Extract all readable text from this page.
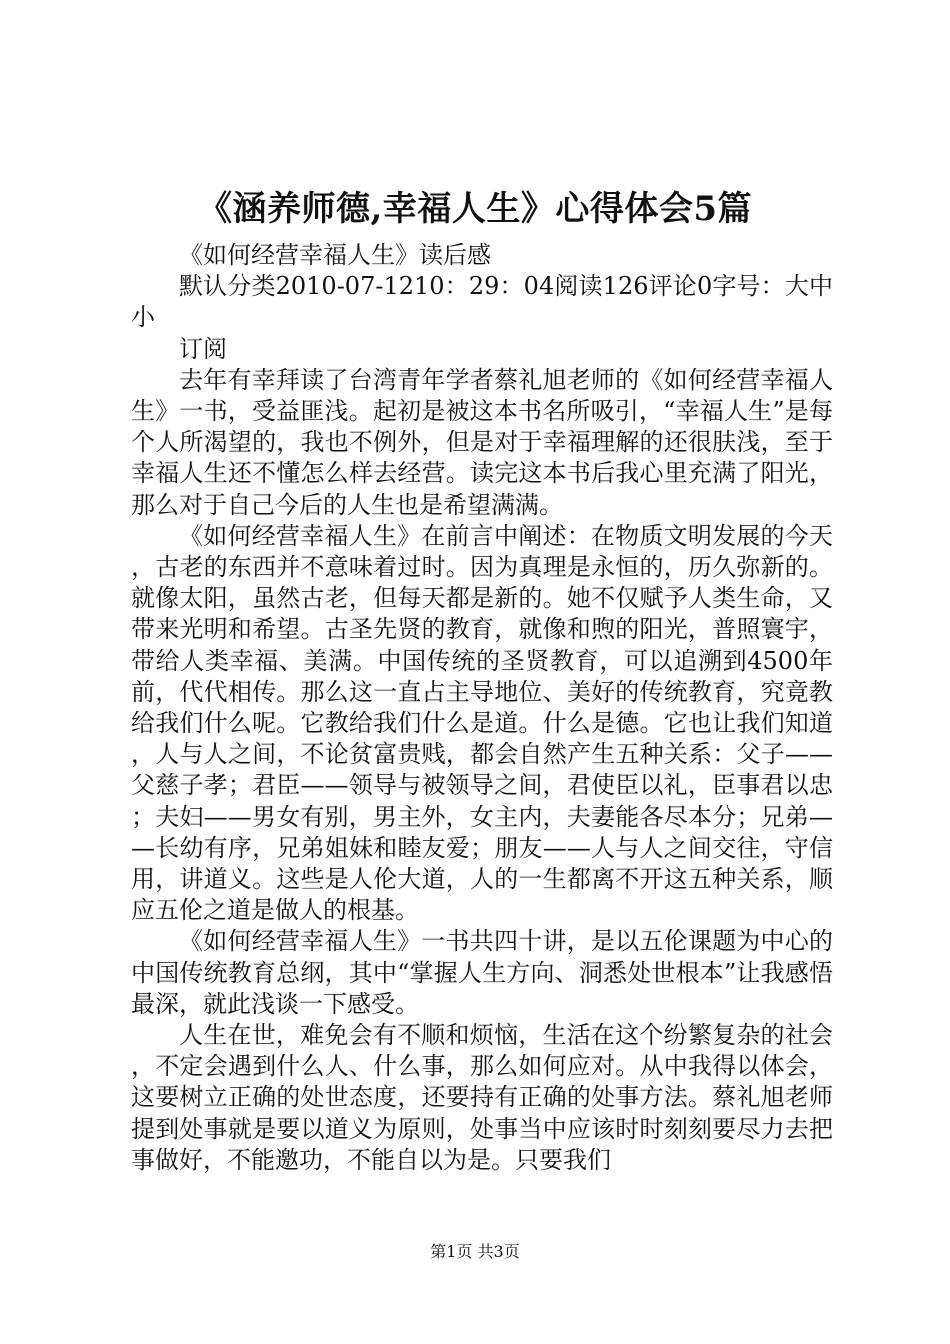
《涵养师德,幸福人生》心得体会5篇

《如何经营幸福人生》读后感

默认分类2010-07-1210：29：04阅读126评论0字号：大中小

订阅

去年有幸拜读了台湾青年学者蔡礼旭老师的《如何经营幸福人生》一书，受益匪浅。起初是被这本书名所吸引，“幸福人生”是每个人所渴望的，我也不例外，但是对于幸福理解的还很肤浅，至于幸福人生还不懂怎么样去经营。读完这本书后我心里充满了阳光，那么对于自己今后的人生也是希望满满。

《如何经营幸福人生》在前言中阐述：在物质文明发展的今天，古老的东西并不意味着过时。因为真理是永恒的，历久弥新的。就像太阳，虽然古老，但每天都是新的。她不仅赋予人类生命，又带来光明和希望。古圣先贤的教育，就像和煦的阳光，普照寰宇，带给人类幸福、美满。中国传统的圣贤教育，可以追溯到4500年前，代代相传。那么这一直占主导地位、美好的传统教育，究竟教给我们什么呢。它教给我们什么是道。什么是德。它也让我们知道，人与人之间，不论贫富贵贱，都会自然产生五种关系：父子——父慈子孝；君臣——领导与被领导之间，君使臣以礼，臣事君以忠；夫妇——男女有别，男主外，女主内，夫妻能各尽本分；兄弟——长幼有序，兄弟姐妹和睦友爱；朋友——人与人之间交往，守信用，讲道义。这些是人伦大道，人的一生都离不开这五种关系，顺应五伦之道是做人的根基。

《如何经营幸福人生》一书共四十讲，是以五伦课题为中心的中国传统教育总纲，其中“掌握人生方向、洞悉处世根本”让我感悟最深，就此浅谈一下感受。

人生在世，难免会有不顺和烦恼，生活在这个纷繁复杂的社会，不定会遇到什么人、什么事，那么如何应对。从中我得以体会，这要树立正确的处世态度，还要持有正确的处事方法。蔡礼旭老师提到处事就是要以道义为原则，处事当中应该时时刻刻要尽力去把事做好，不能邀功，不能自以为是。只要我们

第1页 共3页
